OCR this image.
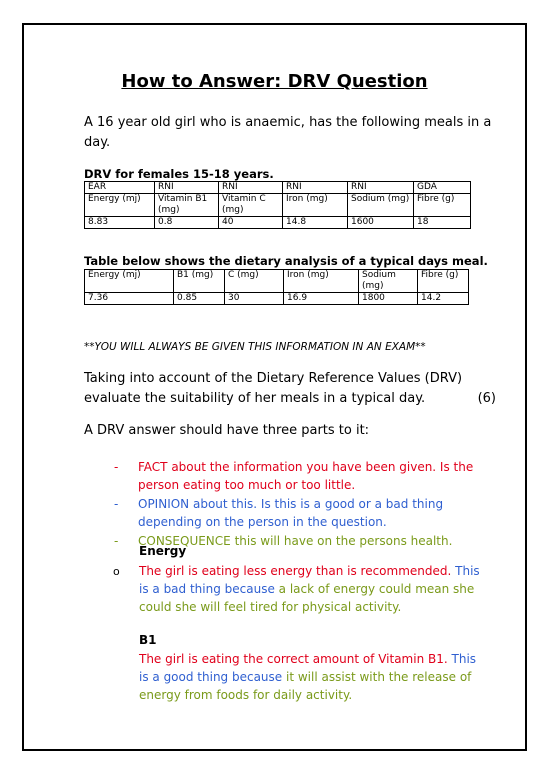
How to Answer: DRV Question
A 16 year old girl who is anaemic, has the following meals in a day.
DRV for females 15-18 years.
EAR	RNI	RNI	RNI	RNI	GDA
Energy (mj)	Vitamin B1 (mg)	Vitamin C (mg)	Iron (mg)	Sodium (mg)	Fibre (g)
8.83	0.8	40	14.8	1600	18
Table below shows the dietary analysis of a typical days meal.
Energy (mj)	B1 (mg)	C (mg)	Iron (mg)	Sodium (mg)	Fibre (g)
7.36	0.85	30	16.9	1800	14.2
**YOU WILL ALWAYS BE GIVEN THIS INFORMATION IN AN EXAM**
Taking into account of the Dietary Reference Values (DRV) evaluate the suitability of her meals in a typical day.	(6)
A DRV answer should have three parts to it:
- FACT about the information you have been given. Is the person eating too much or too little.
- OPINION about this. Is this is a good or a bad thing depending on the person in the question.
- CONSEQUENCE this will have on the persons health.
Energy
o The girl is eating less energy than is recommended. This is a bad thing because a lack of energy could mean she could she will feel tired for physical activity.
B1
The girl is eating the correct amount of Vitamin B1. This is a good thing because it will assist with the release of energy from foods for daily activity.
